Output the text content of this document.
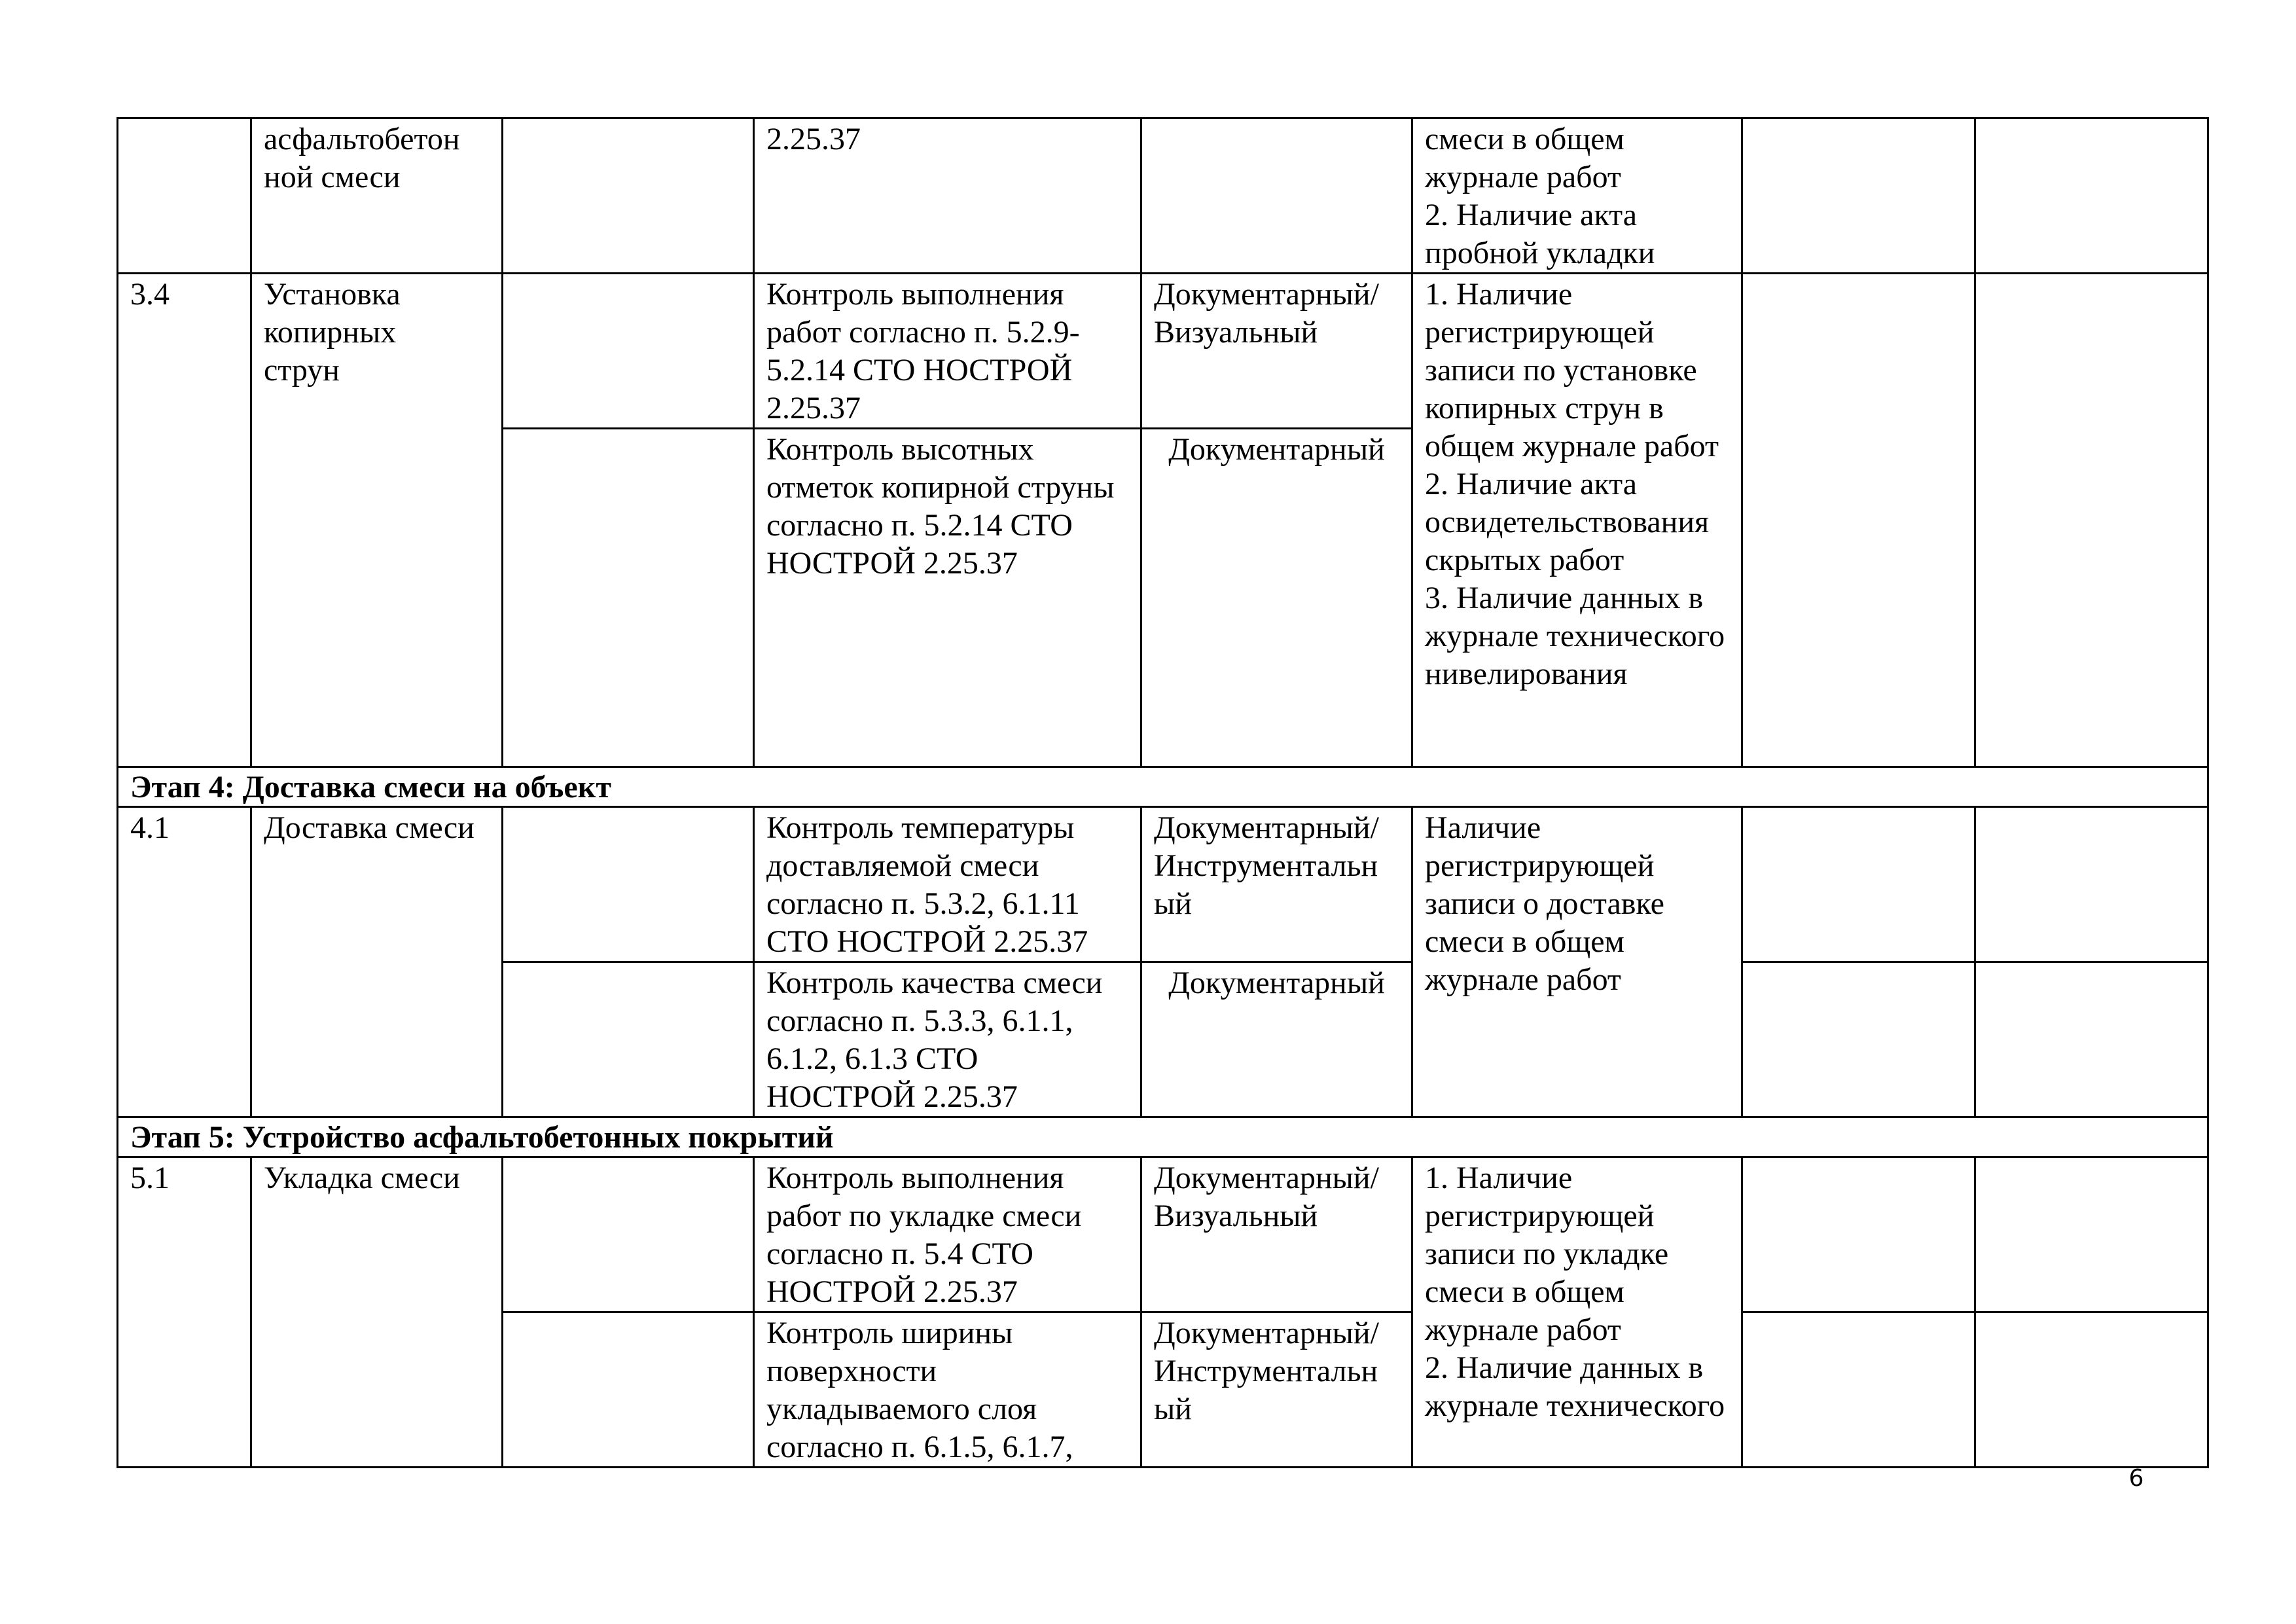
	асфальтобетон ной смеси		2.25.37		смеси в общем журнале работ
2. Наличие акта пробной укладки		
3.4	Установка копирных струн		Контроль выполнения работ согласно п. 5.2.9-5.2.14 СТО НОСТРОЙ 2.25.37	Документарный/ Визуальный	1. Наличие регистрирующей записи по установке копирных струн в общем журнале работ
2. Наличие акта освидетельствования скрытых работ
3. Наличие данных в журнале технического нивелирования		
			Контроль высотных отметок копирной струны согласно п. 5.2.14 СТО НОСТРОЙ 2.25.37	Документарный			
Этап 4: Доставка смеси на объект							
4.1	Доставка смеси		Контроль температуры доставляемой смеси согласно п. 5.3.2, 6.1.11 СТО НОСТРОЙ 2.25.37	Документарный/ Инструментальн ый	Наличие регистрирующей записи о доставке смеси в общем журнале работ		

			Контроль качества смеси согласно п. 5.3.3, 6.1.1, 6.1.2, 6.1.3 СТО НОСТРОЙ 2.25.37	Документарный			
Этап 5: Устройство асфальтобетонных покрытий							
5.1	Укладка смеси		Контроль выполнения работ по укладке смеси согласно п. 5.4 СТО НОСТРОЙ 2.25.37	Документарный/ Визуальный	1. Наличие регистрирующей записи по укладке смеси в общем журнале работ
2. Наличие данных в журнале технического		
			Контроль ширины поверхности укладываемого слоя согласно п. 6.1.5, 6.1.7,	Документарный/ Инструментальн ый			
6
